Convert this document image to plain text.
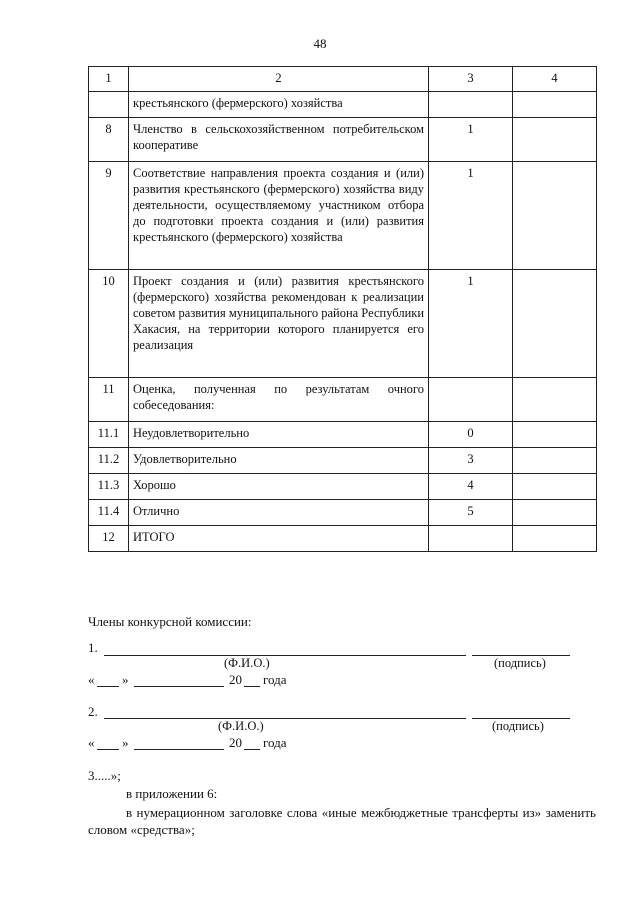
48
1	2	3	4
	крестьянского (фермерского) хозяйства		
8	Членство в сельскохозяйственном потребительском кооперативе	1	
9	Соответствие направления проекта создания и (или) развития крестьянского (фермерского) хозяйства виду деятельности, осуществляемому участником отбора до подготовки проекта создания и (или) развития крестьянского (фермерского) хозяйства	1	
10	Проект создания и (или) развития крестьянского (фермерского) хозяйства рекомендован к реализации советом развития муниципального района Республики Хакасия, на территории которого планируется его реализация	1	
11	Оценка, полученная по результатам очного собеседования:		
11.1	Неудовлетворительно	0	
11.2	Удовлетворительно	3	
11.3	Хорошо	4	
11.4	Отлично	5	
12	ИТОГО		
Члены конкурсной комиссии:
1.
(Ф.И.О.)	(подпись)
« »	20	года
2.
(Ф.И.О.)	(подпись)
« »	20	года
3.....»;
в приложении 6:
в нумерационном заголовке слова «иные межбюджетные трансферты из» заменить словом «средства»;
